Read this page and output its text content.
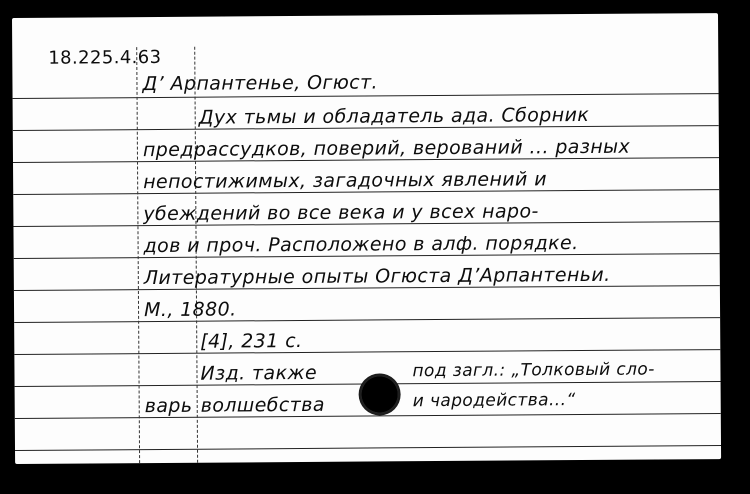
18.225.4.63
Д’ Арпантенье, Огюст.
Дух тьмы и обладатель ада. Сборник
предрассудков, поверий, верований ... разных
непостижимых, загадочных явлений и
убеждений во все века и у всех наро-
дов и проч. Расположено в алф. порядке.
Литературные опыты Огюста Д’Арпантеньи.
М., 1880.
[4], 231 с.
Изд. также	под загл.: „Толковый сло-
варь волшебства	и чародейства...“
